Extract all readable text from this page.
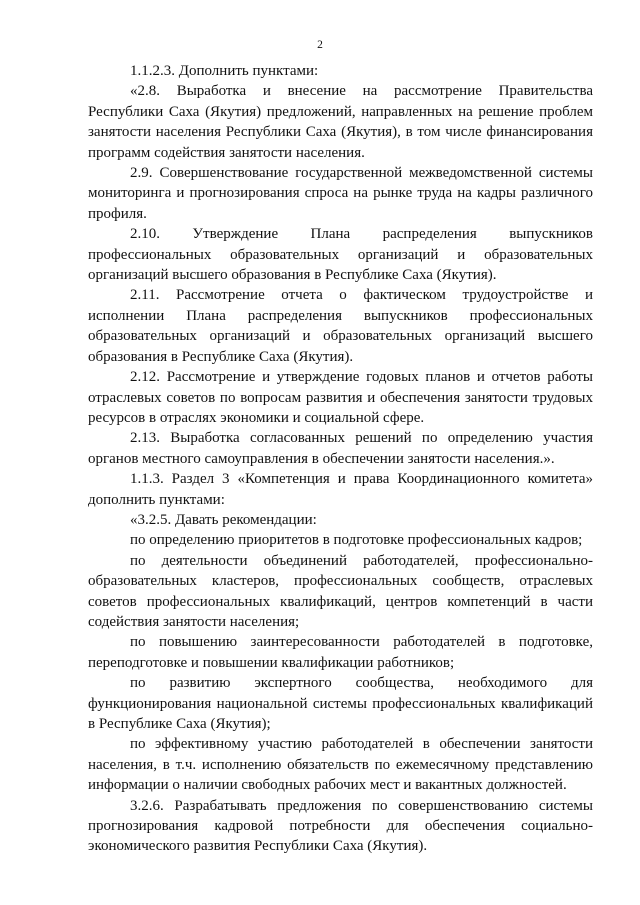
2

1.1.2.3. Дополнить пунктами:

«2.8. Выработка и внесение на рассмотрение Правительства Республики Саха (Якутия) предложений, направленных на решение проблем занятости населения Республики Саха (Якутия), в том числе финансирования программ содействия занятости населения.

2.9. Совершенствование государственной межведомственной системы мониторинга и прогнозирования спроса на рынке труда на кадры различного профиля.

2.10. Утверждение Плана распределения выпускников профессиональных образовательных организаций и образовательных организаций высшего образования в Республике Саха (Якутия).

2.11. Рассмотрение отчета о фактическом трудоустройстве и исполнении Плана распределения выпускников профессиональных образовательных организаций и образовательных организаций высшего образования в Республике Саха (Якутия).

2.12. Рассмотрение и утверждение годовых планов и отчетов работы отраслевых советов по вопросам развития и обеспечения занятости трудовых ресурсов в отраслях экономики и социальной сфере.

2.13. Выработка согласованных решений по определению участия органов местного самоуправления в обеспечении занятости населения.».

1.1.3. Раздел 3 «Компетенция и права Координационного комитета» дополнить пунктами:

«3.2.5. Давать рекомендации:

по определению приоритетов в подготовке профессиональных кадров;

по деятельности объединений работодателей, профессионально-образовательных кластеров, профессиональных сообществ, отраслевых советов профессиональных квалификаций, центров компетенций в части содействия занятости населения;

по повышению заинтересованности работодателей в подготовке, переподготовке и повышении квалификации работников;

по развитию экспертного сообщества, необходимого для функционирования национальной системы профессиональных квалификаций в Республике Саха (Якутия);

по эффективному участию работодателей в обеспечении занятости населения, в т.ч. исполнению обязательств по ежемесячному представлению информации о наличии свободных рабочих мест и вакантных должностей.

3.2.6. Разрабатывать предложения по совершенствованию системы прогнозирования кадровой потребности для обеспечения социально-экономического развития Республики Саха (Якутия).
